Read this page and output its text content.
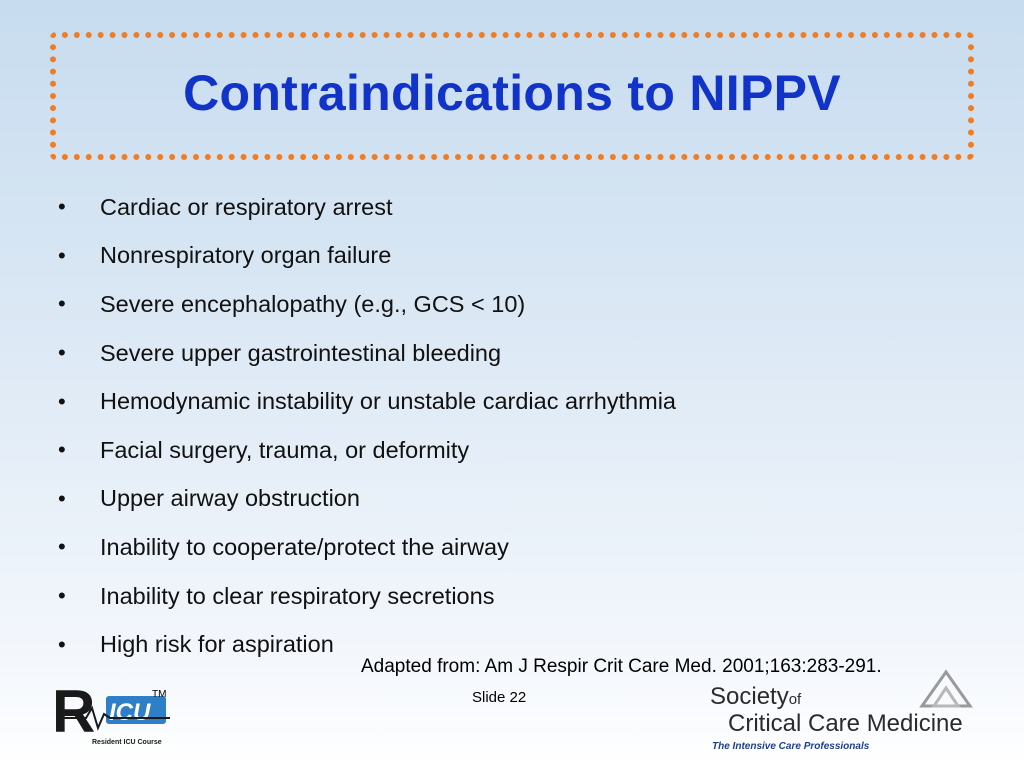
Contraindications to NIPPV
•	Cardiac or respiratory arrest
•	Nonrespiratory organ failure
•	Severe encephalopathy (e.g., GCS < 10)
•	Severe upper gastrointestinal bleeding
•	Hemodynamic instability or unstable cardiac arrhythmia
•	Facial surgery, trauma, or deformity
•	Upper airway obstruction
•	Inability to cooperate/protect the airway
•	Inability to clear respiratory secretions
•	High risk for aspiration

Adapted from: Am J Respir Crit Care Med. 2001;163:283-291.

Slide 22

R ICU
Resident ICU Course
TM	Societyof
Critical Care Medicine
The Intensive Care Professionals
